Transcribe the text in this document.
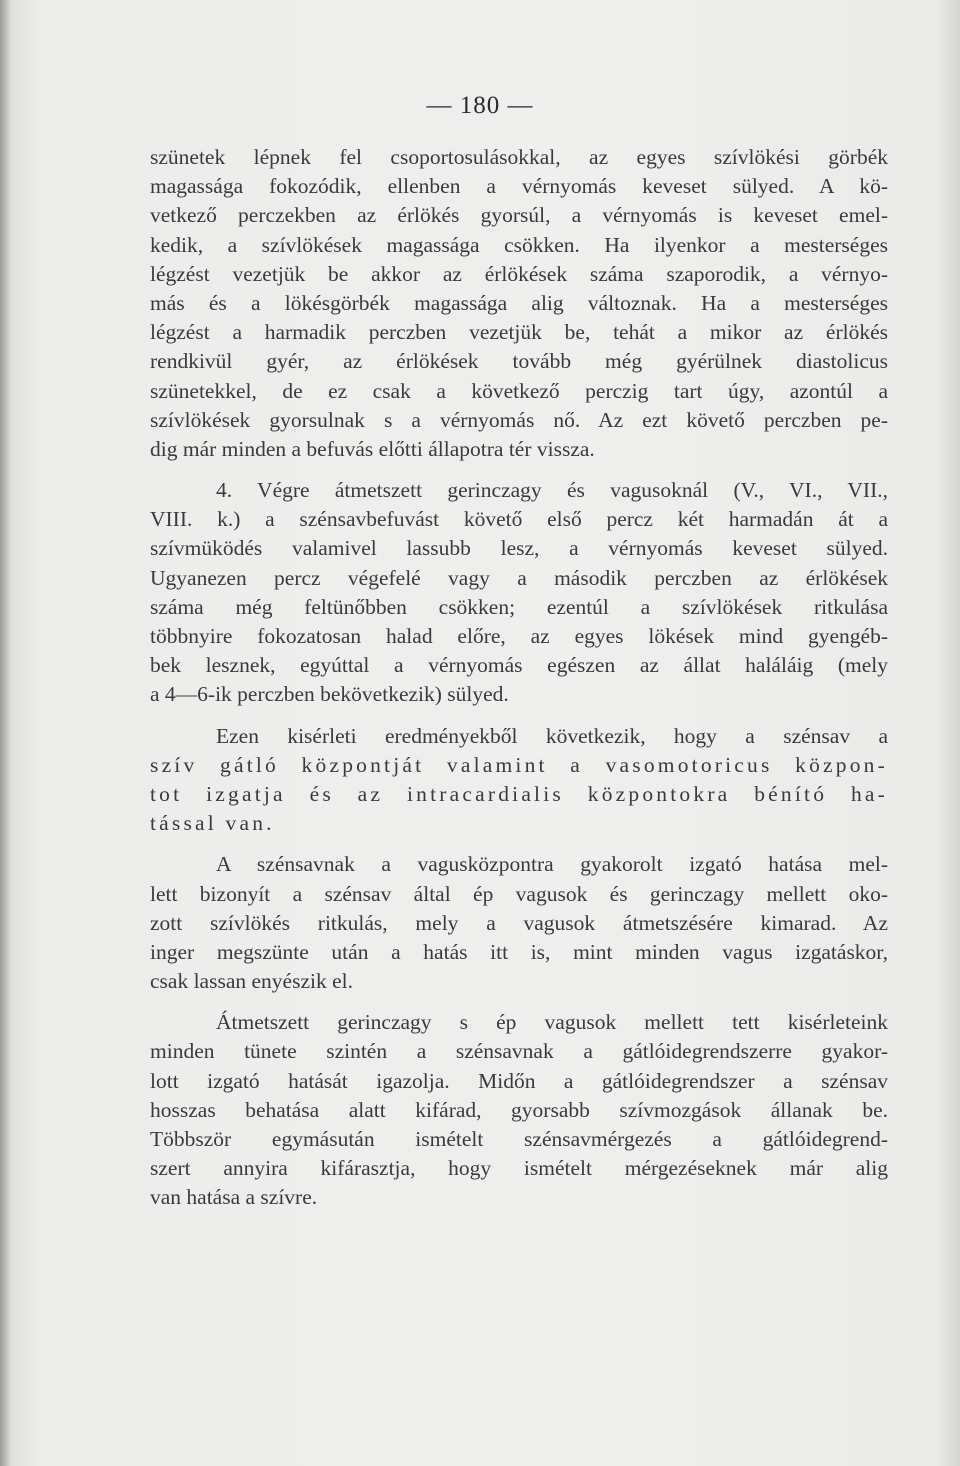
— 180 —
szünetek lépnek fel csoportosulásokkal, az egyes szívlökési görbék
magassága fokozódik, ellenben a vérnyomás keveset sülyed. A kö-
vetkező perczekben az érlökés gyorsúl, a vérnyomás is keveset emel-
kedik, a szívlökések magassága csökken. Ha ilyenkor a mesterséges
légzést vezetjük be akkor az érlökések száma szaporodik, a vérnyo-
más és a lökésgörbék magassága alig változnak. Ha a mesterséges
légzést a harmadik perczben vezetjük be, tehát a mikor az érlökés
rendkivül gyér, az érlökések tovább még gyérülnek diastolicus
szünetekkel, de ez csak a következő perczig tart úgy, azontúl a
szívlökések gyorsulnak s a vérnyomás nő. Az ezt követő perczben pe-
dig már minden a befuvás előtti állapotra tér vissza.
4. Végre átmetszett gerinczagy és vagusoknál (V., VI., VII.,
VIII. k.) a szénsavbefuvást követő első percz két harmadán át a
szívmüködés valamivel lassubb lesz, a vérnyomás keveset sülyed.
Ugyanezen percz végefelé vagy a második perczben az érlökések
száma még feltünőbben csökken; ezentúl a szívlökések ritkulása
többnyire fokozatosan halad előre, az egyes lökések mind gyengéb-
bek lesznek, egyúttal a vérnyomás egészen az állat haláláig (mely
a 4—6-ik perczben bekövetkezik) sülyed.
Ezen kisérleti eredményekből következik, hogy a szénsav a
szív gátló központját valamint a vasomotoricus közpon-
tot izgatja és az intracardialis központokra bénító ha-
tással van.
A szénsavnak a vagusközpontra gyakorolt izgató hatása mel-
lett bizonyít a szénsav által ép vagusok és gerinczagy mellett oko-
zott szívlökés ritkulás, mely a vagusok átmetszésére kimarad. Az
inger megszünte után a hatás itt is, mint minden vagus izgatáskor,
csak lassan enyészik el.
Átmetszett gerinczagy s ép vagusok mellett tett kisérleteink
minden tünete szintén a szénsavnak a gátlóidegrendszerre gyakor-
lott izgató hatását igazolja. Midőn a gátlóidegrendszer a szénsav
hosszas behatása alatt kifárad, gyorsabb szívmozgások állanak be.
Többször egymásután ismételt szénsavmérgezés a gátlóidegrend-
szert annyira kifárasztja, hogy ismételt mérgezéseknek már alig
van hatása a szívre.
